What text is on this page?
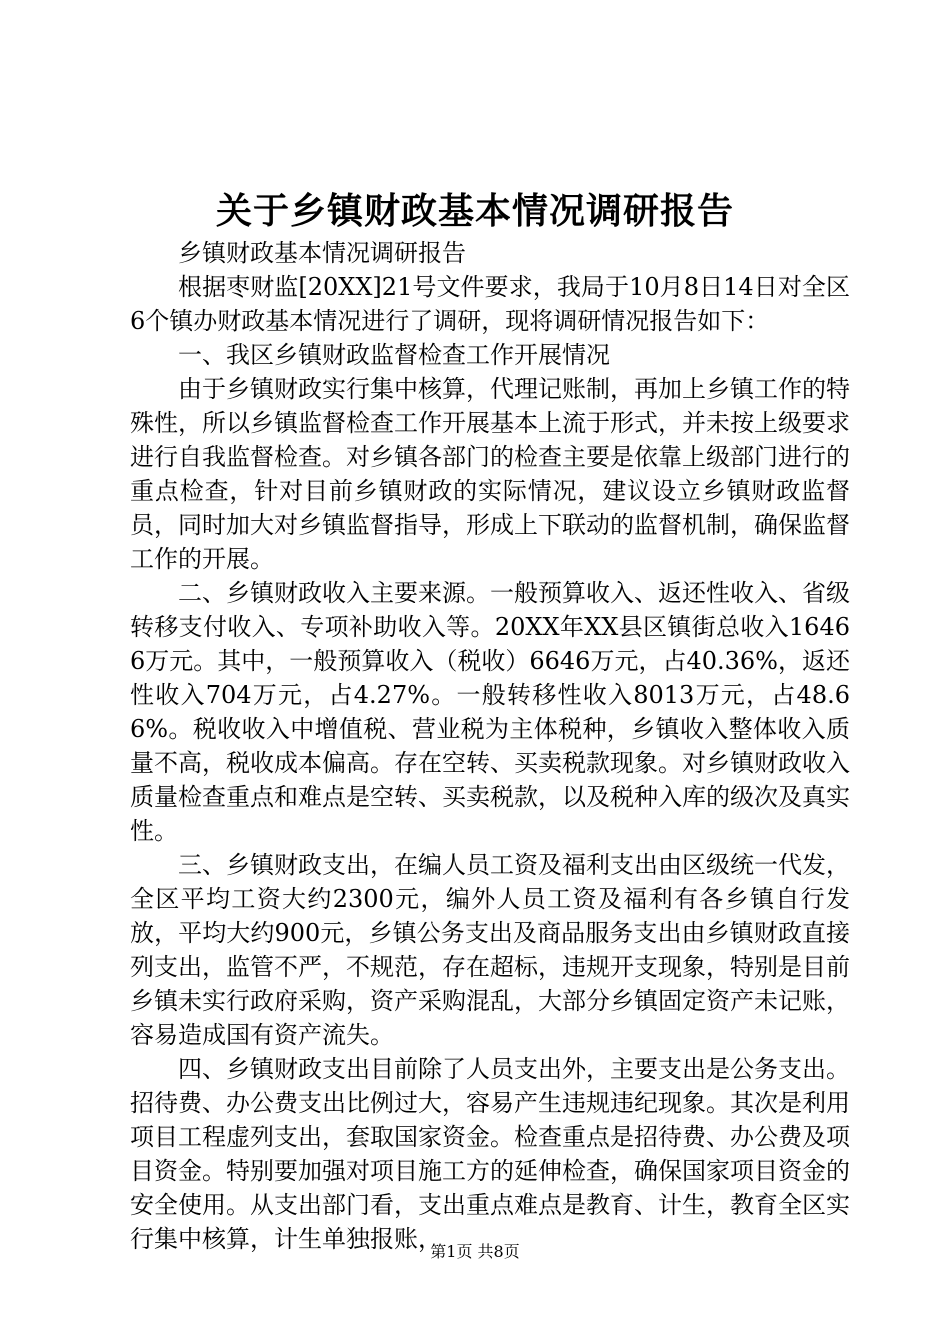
关于乡镇财政基本情况调研报告

乡镇财政基本情况调研报告

根据枣财监[20XX]21号文件要求，我局于10月8日14日对全区6个镇办财政基本情况进行了调研，现将调研情况报告如下：

一、我区乡镇财政监督检查工作开展情况

由于乡镇财政实行集中核算，代理记账制，再加上乡镇工作的特殊性，所以乡镇监督检查工作开展基本上流于形式，并未按上级要求进行自我监督检查。对乡镇各部门的检查主要是依靠上级部门进行的重点检查，针对目前乡镇财政的实际情况，建议设立乡镇财政监督员，同时加大对乡镇监督指导，形成上下联动的监督机制，确保监督工作的开展。

二、乡镇财政收入主要来源。一般预算收入、返还性收入、省级转移支付收入、专项补助收入等。20XX年XX县区镇街总收入16466万元。其中，一般预算收入（税收）6646万元，占40.36%，返还性收入704万元，占4.27%。一般转移性收入8013万元，占48.66%。税收收入中增值税、营业税为主体税种，乡镇收入整体收入质量不高，税收成本偏高。存在空转、买卖税款现象。对乡镇财政收入质量检查重点和难点是空转、买卖税款，以及税种入库的级次及真实性。

三、乡镇财政支出，在编人员工资及福利支出由区级统一代发，全区平均工资大约2300元，编外人员工资及福利有各乡镇自行发放，平均大约900元，乡镇公务支出及商品服务支出由乡镇财政直接列支出，监管不严，不规范，存在超标，违规开支现象，特别是目前乡镇未实行政府采购，资产采购混乱，大部分乡镇固定资产未记账，容易造成国有资产流失。

四、乡镇财政支出目前除了人员支出外，主要支出是公务支出。招待费、办公费支出比例过大，容易产生违规违纪现象。其次是利用项目工程虚列支出，套取国家资金。检查重点是招待费、办公费及项目资金。特别要加强对项目施工方的延伸检查，确保国家项目资金的安全使用。从支出部门看，支出重点难点是教育、计生，教育全区实行集中核算，计生单独报账，

第1页 共8页
